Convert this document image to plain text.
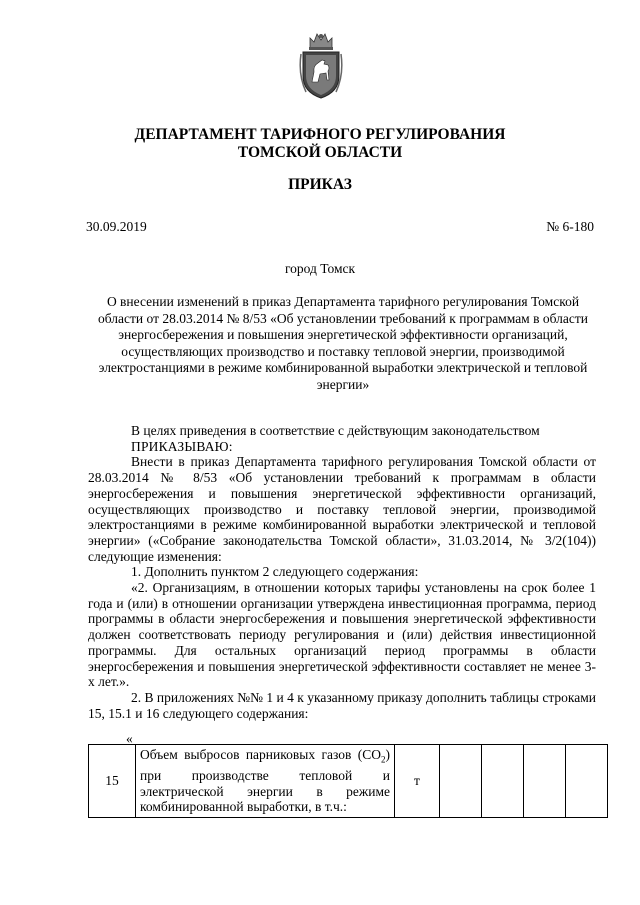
ДЕПАРТАМЕНТ ТАРИФНОГО РЕГУЛИРОВАНИЯ
ТОМСКОЙ ОБЛАСТИ
ПРИКАЗ
30.09.2019	№ 6-180
город Томск
О внесении изменений в приказ Департамента тарифного регулирования Томской области от 28.03.2014 № 8/53 «Об установлении требований к программам в области энергосбережения и повышения энергетической эффективности организаций, осуществляющих производство и поставку тепловой энергии, производимой электростанциями в режиме комбинированной выработки электрической и тепловой энергии»

В целях приведения в соответствие с действующим законодательством

ПРИКАЗЫВАЮ:

Внести в приказ Департамента тарифного регулирования Томской области от 28.03.2014 № 8/53 «Об установлении требований к программам в области энергосбережения и повышения энергетической эффективности организаций, осуществляющих производство и поставку тепловой энергии, производимой электростанциями в режиме комбинированной выработки электрической и тепловой энергии» («Собрание законодательства Томской области», 31.03.2014, № 3/2(104)) следующие изменения:

1. Дополнить пунктом 2 следующего содержания:

«2. Организациям, в отношении которых тарифы установлены на срок более 1 года и (или) в отношении организации утверждена инвестиционная программа, период программы в области энергосбережения и повышения энергетической эффективности должен соответствовать периоду регулирования и (или) действия инвестиционной программы. Для остальных организаций период программы в области энергосбережения и повышения энергетической эффективности составляет не менее 3-х лет.».

2. В приложениях №№ 1 и 4 к указанному приказу дополнить таблицы строками 15, 15.1 и 16 следующего содержания:

«
15	Объем выбросов парниковых газов $(CO_2)$ при производстве тепловой и электрической энергии в режиме комбинированной выработки, в т.ч.:	т				
